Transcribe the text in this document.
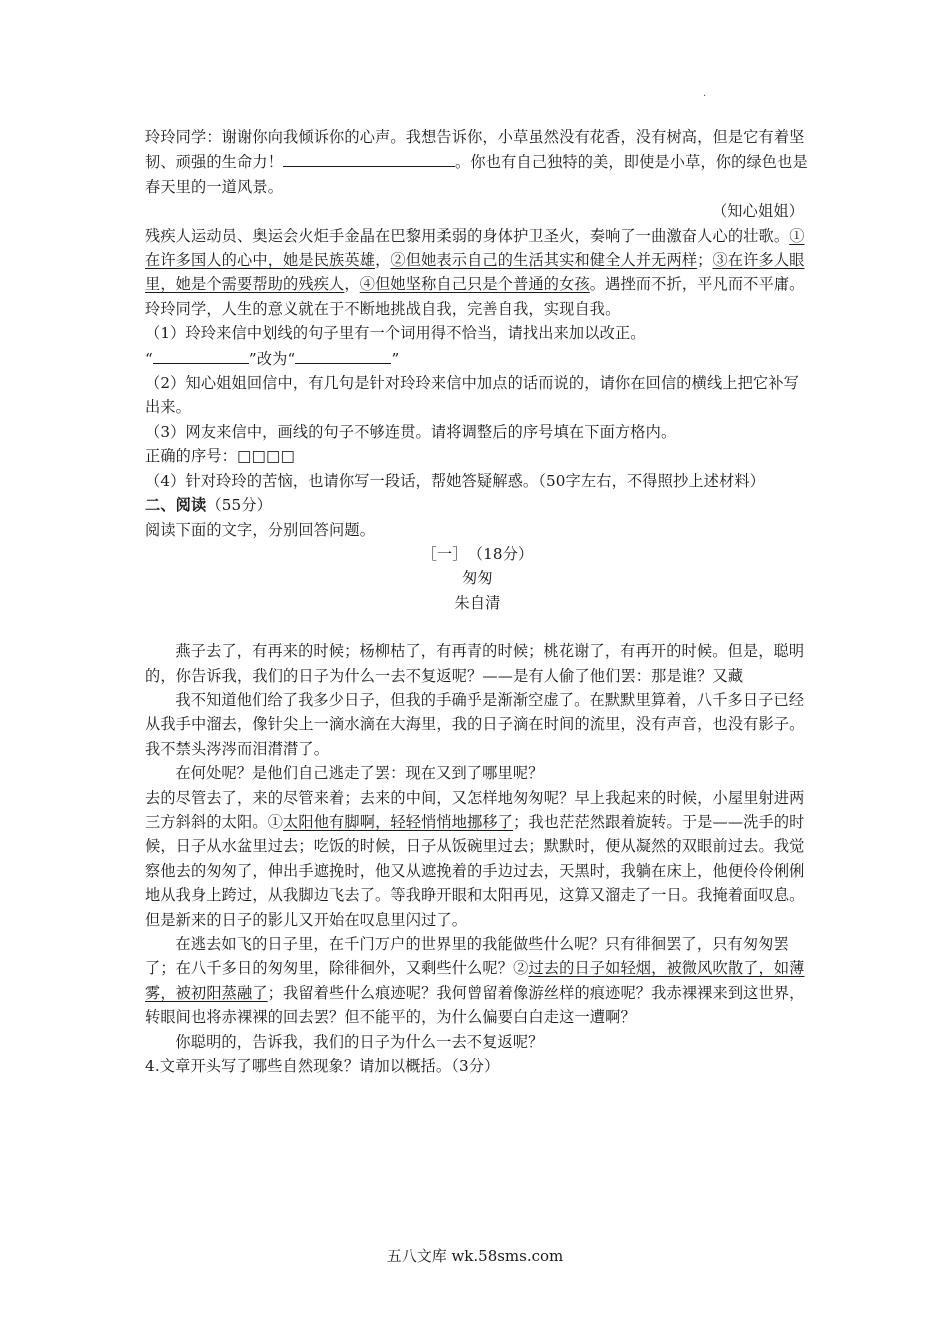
.

玲玲同学：谢谢你向我倾诉你的心声。我想告诉你，小草虽然没有花香，没有树高，但是它有着坚韧、顽强的生命力！	。你也有自己独特的美，即使是小草，你的绿色也是春天里的一道风景。

（知心姐姐）

残疾人运动员、奥运会火炬手金晶在巴黎用柔弱的身体护卫圣火，奏响了一曲激奋人心的壮歌。①在许多国人的心中，她是民族英雄，②但她表示自己的生活其实和健全人并无两样；③在许多人眼里，她是个需要帮助的残疾人，④但她坚称自己只是个普通的女孩。遇挫而不折，平凡而不平庸。玲玲同学，人生的意义就在于不断地挑战自我，完善自我，实现自我。

（1）玲玲来信中划线的句子里有一个词用得不恰当，请找出来加以改正。

“	”改为“	”

（2）知心姐姐回信中，有几句是针对玲玲来信中加点的话而说的，请你在回信的横线上把它补写出来。

（3）网友来信中，画线的句子不够连贯。请将调整后的序号填在下面方格内。

正确的序号：□□□□

（4）针对玲玲的苦恼，也请你写一段话，帮她答疑解惑。（50字左右，不得照抄上述材料）

二、阅读（55分）

阅读下面的文字，分别回答问题。

［一］　（18分）

匆匆

朱自清

燕子去了，有再来的时候；杨柳枯了，有再青的时候；桃花谢了，有再开的时候。但是，聪明的，你告诉我，我们的日子为什么一去不复返呢？——是有人偷了他们罢：那是谁？又藏

我不知道他们给了我多少日子，但我的手确乎是渐渐空虚了。在默默里算着，八千多日子已经从我手中溜去，像针尖上一滴水滴在大海里，我的日子滴在时间的流里，没有声音，也没有影子。我不禁头涔涔而泪潸潸了。

在何处呢？是他们自己逃走了罢：现在又到了哪里呢？

去的尽管去了，来的尽管来着；去来的中间，又怎样地匆匆呢？早上我起来的时候，小屋里射进两三方斜斜的太阳。①太阳他有脚啊，轻轻悄悄地挪移了；我也茫茫然跟着旋转。于是——洗手的时候，日子从水盆里过去；吃饭的时候，日子从饭碗里过去；默默时，便从凝然的双眼前过去。我觉察他去的匆匆了，伸出手遮挽时，他又从遮挽着的手边过去，天黑时，我躺在床上，他便伶伶俐俐地从我身上跨过，从我脚边飞去了。等我睁开眼和太阳再见，这算又溜走了一日。我掩着面叹息。但是新来的日子的影儿又开始在叹息里闪过了。

在逃去如飞的日子里，在千门万户的世界里的我能做些什么呢？只有徘徊罢了，只有匆匆罢了；在八千多日的匆匆里，除徘徊外，又剩些什么呢？②过去的日子如轻烟，被微风吹散了，如薄雾，被初阳蒸融了；我留着些什么痕迹呢？我何曾留着像游丝样的痕迹呢？我赤裸裸来到这世界，转眼间也将赤裸裸的回去罢？但不能平的，为什么偏要白白走这一遭啊？

你聪明的，告诉我，我们的日子为什么一去不复返呢？

4.文章开头写了哪些自然现象？请加以概括。（3分）

五八文库 wk.58sms.com
